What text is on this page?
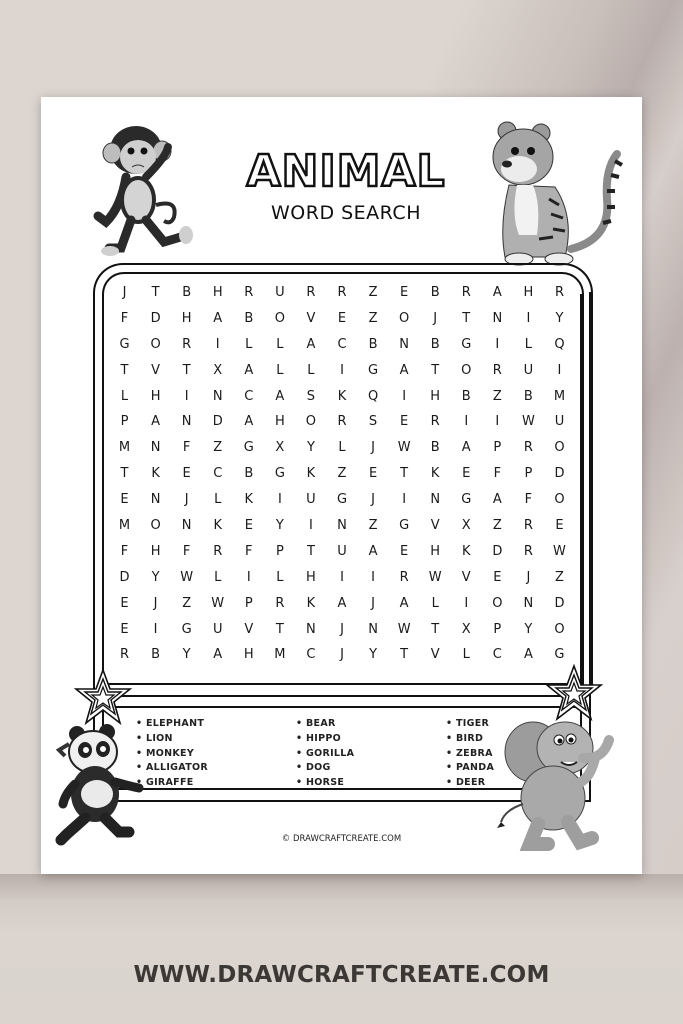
ANIMAL
WORD SEARCH
J	T	B	H	R	U	R	R	Z	E	B	R	A	H	R
F	D	H	A	B	O	V	E	Z	O	J	T	N	I	Y
G	O	R	I	L	L	A	C	B	N	B	G	I	L	Q
T	V	T	X	A	L	L	I	G	A	T	O	R	U	I
L	H	I	N	C	A	S	K	Q	I	H	B	Z	B	M
P	A	N	D	A	H	O	R	S	E	R	I	I	W	U
M	N	F	Z	G	X	Y	L	J	W	B	A	P	R	O
T	K	E	C	B	G	K	Z	E	T	K	E	F	P	D
E	N	J	L	K	I	U	G	J	I	N	G	A	F	O
M	O	N	K	E	Y	I	N	Z	G	V	X	Z	R	E
F	H	F	R	F	P	T	U	A	E	H	K	D	R	W
D	Y	W	L	I	L	H	I	I	R	W	V	E	J	Z
E	J	Z	W	P	R	K	A	J	A	L	I	O	N	D
E	I	G	U	V	T	N	J	N	W	T	X	P	Y	O
R	B	Y	A	H	M	C	J	Y	T	V	L	C	A	G
• ELEPHANT
• LION
• MONKEY
• ALLIGATOR
• GIRAFFE
• BEAR
• HIPPO
• GORILLA
• DOG
• HORSE
• TIGER
• BIRD
• ZEBRA
• PANDA
• DEER
© DRAWCRAFTCREATE.COM
WWW.DRAWCRAFTCREATE.COM
